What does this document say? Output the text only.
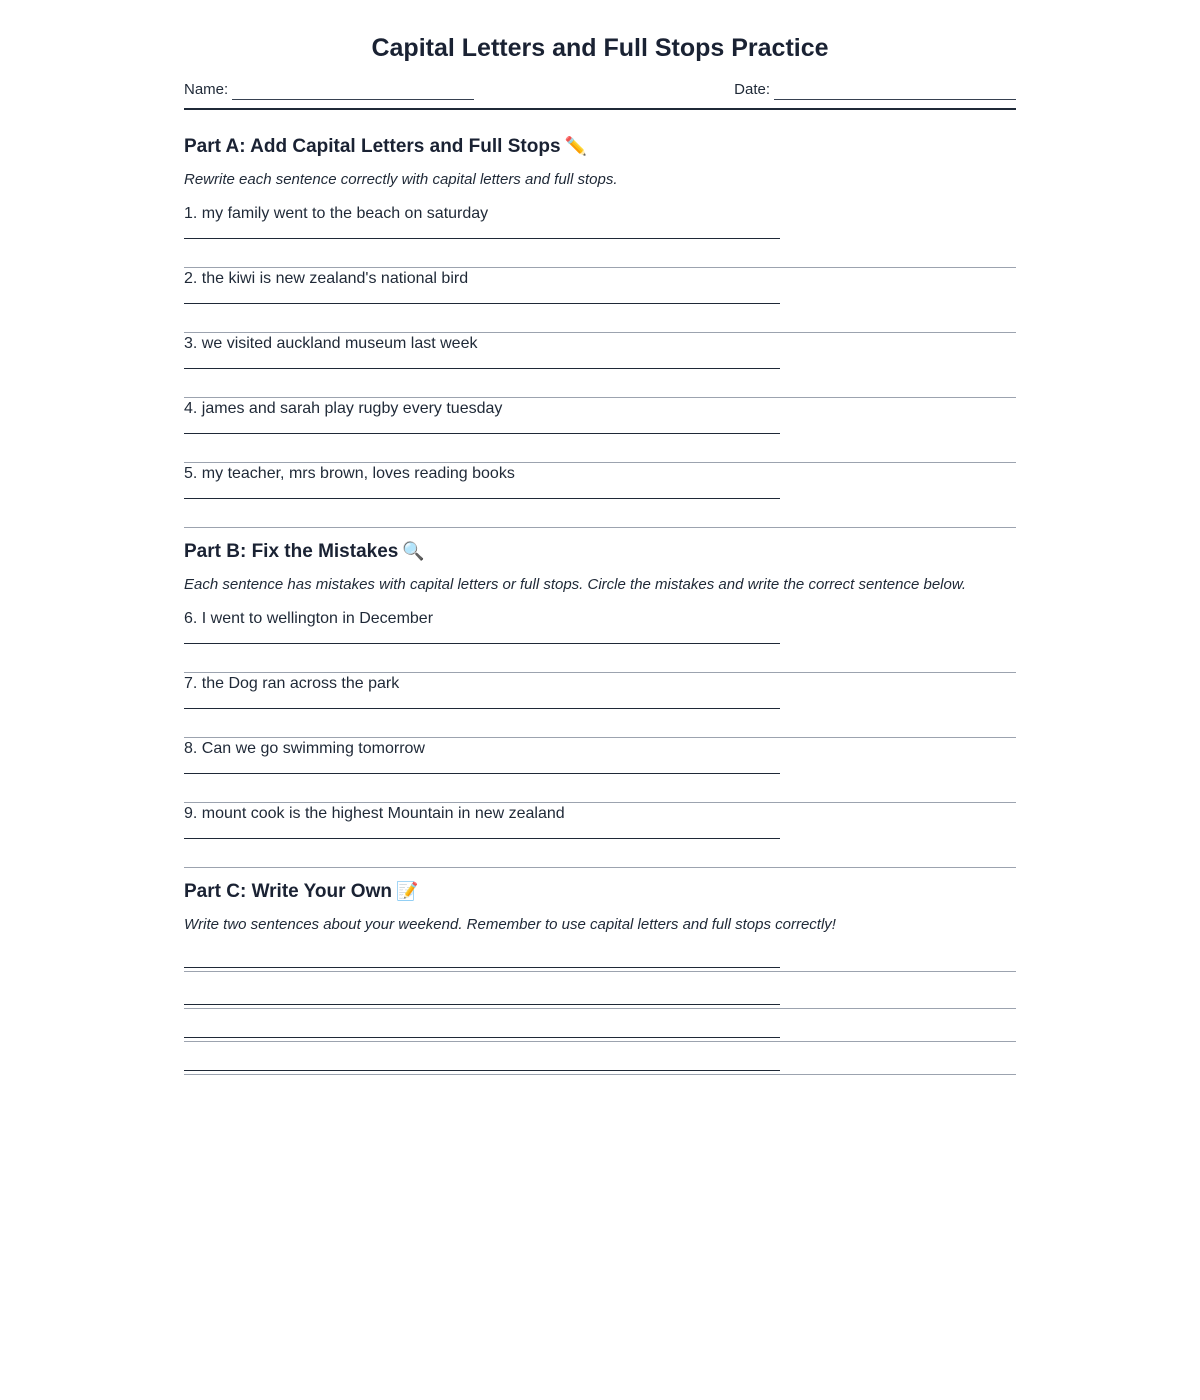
Capital Letters and Full Stops Practice
Name:	Date:
Part A: Add Capital Letters and Full Stops ✏️

Rewrite each sentence correctly with capital letters and full stops.

1. my family went to the beach on saturday
2. the kiwi is new zealand's national bird
3. we visited auckland museum last week
4. james and sarah play rugby every tuesday
5. my teacher, mrs brown, loves reading books
Part B: Fix the Mistakes 🔍

Each sentence has mistakes with capital letters or full stops. Circle the mistakes and write the correct sentence below.

6. I went to wellington in December
7. the Dog ran across the park
8. Can we go swimming tomorrow
9. mount cook is the highest Mountain in new zealand
Part C: Write Your Own 📝

Write two sentences about your weekend. Remember to use capital letters and full stops correctly!
